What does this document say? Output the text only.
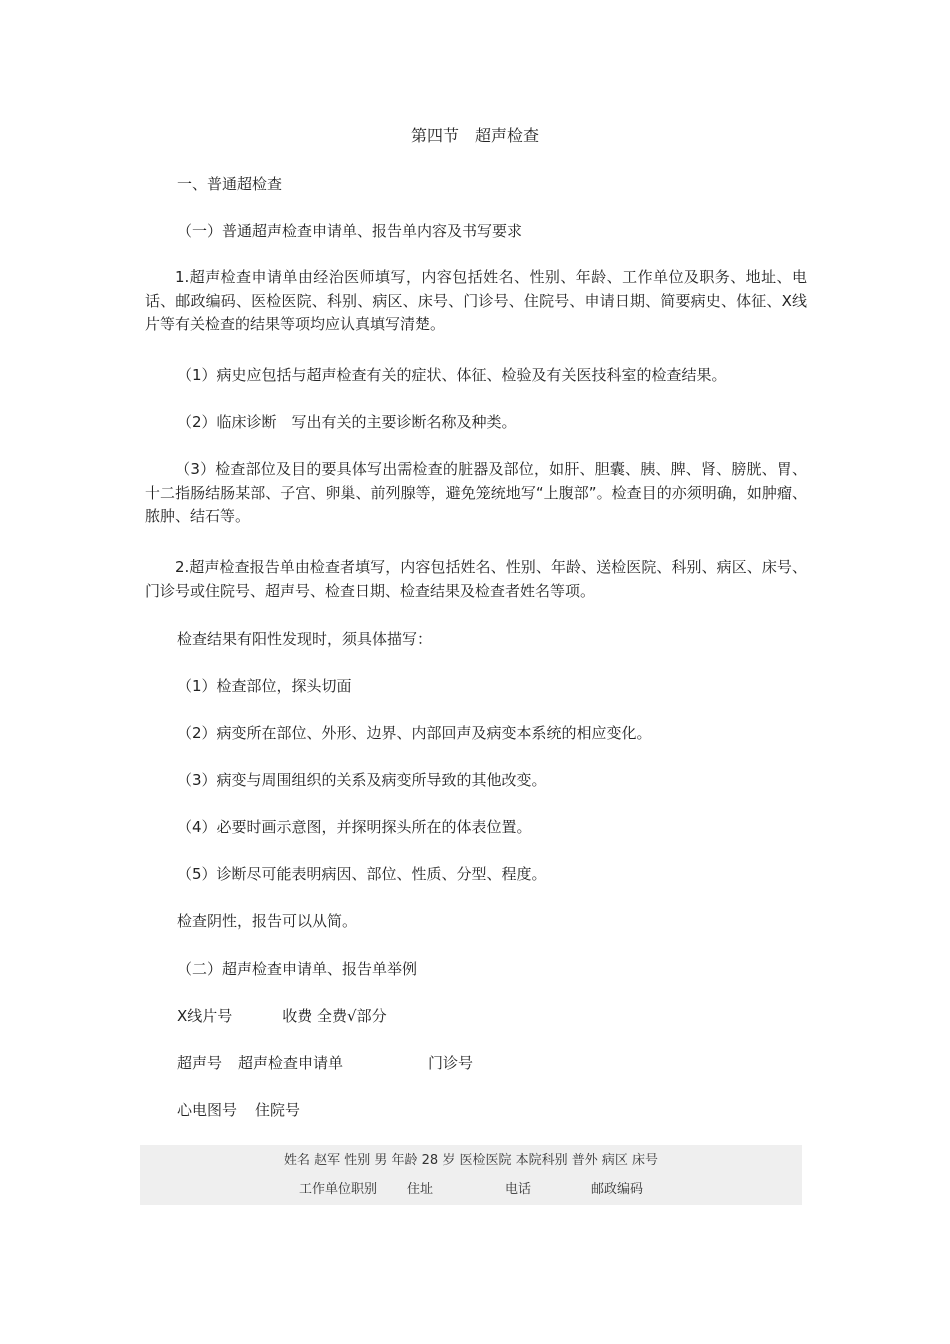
第四节　超声检查
一、普通超检查
（一）普通超声检查申请单、报告单内容及书写要求
1.超声检查申请单由经治医师填写，内容包括姓名、性别、年龄、工作单位及职务、地址、电话、邮政编码、医检医院、科别、病区、床号、门诊号、住院号、申请日期、简要病史、体征、X线片等有关检查的结果等项均应认真填写清楚。
（1）病史应包括与超声检查有关的症状、体征、检验及有关医技科室的检查结果。
（2）临床诊断　写出有关的主要诊断名称及种类。
（3）检查部位及目的要具体写出需检查的脏器及部位，如肝、胆囊、胰、脾、肾、膀胱、胃、十二指肠结肠某部、子宫、卵巢、前列腺等，避免笼统地写“上腹部”。检查目的亦须明确，如肿瘤、脓肿、结石等。
2.超声检查报告单由检查者填写，内容包括姓名、性别、年龄、送检医院、科别、病区、床号、门诊号或住院号、超声号、检查日期、检查结果及检查者姓名等项。
检查结果有阳性发现时，须具体描写：
（1）检查部位，探头切面
（2）病变所在部位、外形、边界、内部回声及病变本系统的相应变化。
（3）病变与周围组织的关系及病变所导致的其他改变。
（4）必要时画示意图，并探明探头所在的体表位置。
（5）诊断尽可能表明病因、部位、性质、分型、程度。
检查阴性，报告可以从简。
（二）超声检查申请单、报告单举例
X线片号	收费 全费√部分
超声号 超声检查申请单	门诊号
心电图号 住院号
姓名 赵军 性别 男 年龄 28 岁 医检医院 本院科别 普外 病区 床号
工作单位职别 住址	电话	邮政编码
